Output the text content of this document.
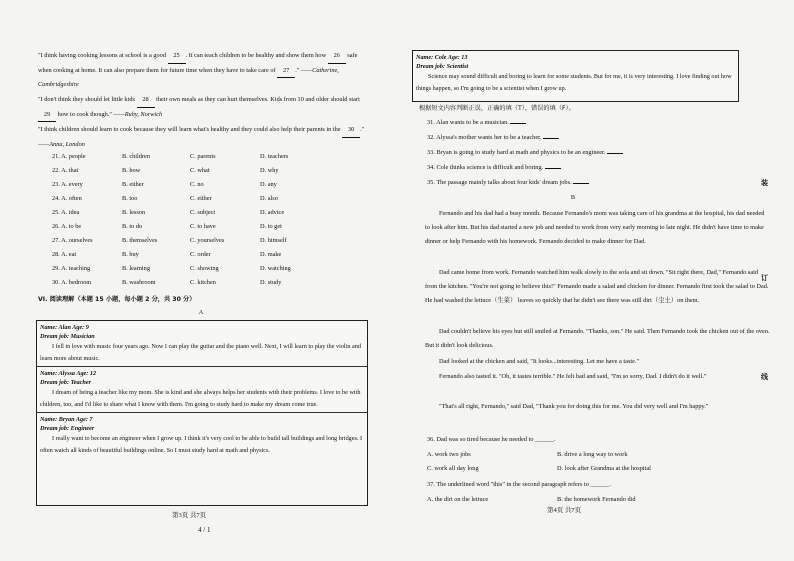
"I think having cooking lessons at school is a good 25 . It can teach children to be healthy and show them how 26 safe when cooking at home. It can also prepare them for future time when they have to take care of 27 ." ——Catherine, Cambridgeshire
"I don't think they should let little kids 28 their own meals as they can hurt themselves. Kids from 10 and older should start 29 how to cook though." ——Ruby, Norwich
"I think children should learn to cook because they will learn what's healthy and they could also help their parents in the 30 ." ——Anna, London
21. A. people	B. children	C. parents	D. teachers
22. A. that	B. how	C. what	D. why
23. A. every	B. either	C. no	D. any
24. A. often	B. too	C. either	D. also
25. A. idea	B. lesson	C. subject	D. advice
26. A. to be	B. to do	C. to have	D. to get
27. A. ourselves	B. themselves	C. yourselves	D. himself
28. A. eat	B. buy	C. order	D. make
29. A. teaching	B. learning	C. showing	D. watching
30. A. bedroom	B. washroom	C. kitchen	D. study
VI. 阅读理解（本题 15 小题，每小题 2 分，共 30 分）
A
Name: Alan Age: 9
Dream job: Musician
I fell in love with music four years ago. Now I can play the guitar and the piano well. Next, I will learn to play the violin and learn more about music.
Name: Alyssa Age: 12
Dream job: Teacher
I dream of being a teacher like my mom. She is kind and she always helps her students with their problems. I love to be with children, too, and I'd like to share what I know with them. I'm going to study hard to make my dream come true.
Name: Bryan Age: 7
Dream job: Engineer
I really want to become an engineer when I grow up. I think it's very cool to be able to build tall buildings and long bridges. I often watch all kinds of beautiful buildings online. So I must study hard at math and physics.
第3页 共7页
4 / 1
Name: Cole Age: 13
Dream job: Scientist
Science may sound difficult and boring to learn for some students. But for me, it is very interesting. I love finding out how things happen, so I'm going to be a scientist when I grow up.
根据短文内容判断正误，正确的填（T），错误的填（F）。
31. Alan wants to be a musician.
32. Alyssa's mother wants her to be a teacher.
33. Bryan is going to study hard at math and physics to be an engineer.
34. Cole thinks science is difficult and boring.
35. The passage mainly talks about four kids' dream jobs.
B
Fernando and his dad had a busy month. Because Fernando's mom was taking care of his grandma at the hospital, his dad needed to look after him. But his dad started a new job and needed to work from very early morning to late night. He didn't have time to make dinner or help Fernando with his homework. Fernando decided to make dinner for Dad.
Dad came home from work. Fernando watched him walk slowly to the sofa and sit down. "Sit right there, Dad," Fernando said from the kitchen. "You're not going to believe this!" Fernando made a salad and chicken for dinner. Fernando first took the salad to Dad. He had washed the lettuce（生菜） leaves so quickly that he didn't see there was still dirt（尘土）on them.
Dad couldn't believe his eyes but still smiled at Fernando. "Thanks, son." He said. Then Fernando took the chicken out of the oven. But it didn't look delicious.
Dad looked at the chicken and said, "It looks...interesting. Let me have a taste."
Fernando also tasted it. "Oh, it tastes terrible." He felt bad and said, "I'm so sorry, Dad. I didn't do it well."
"That's all right, Fernando," said Dad, "Thank you for doing this for me. You did very well and I'm happy."
36. Dad was so tired because he needed to ______.
A. work two jobs	B. drive a long way to work
C. work all day long	D. look after Grandma at the hospital
37. The underlined word "this" in the second paragraph refers to ______.
A. the dirt on the lettuce	B. the homework Fernando did
第4页 共7页
装
订
线
